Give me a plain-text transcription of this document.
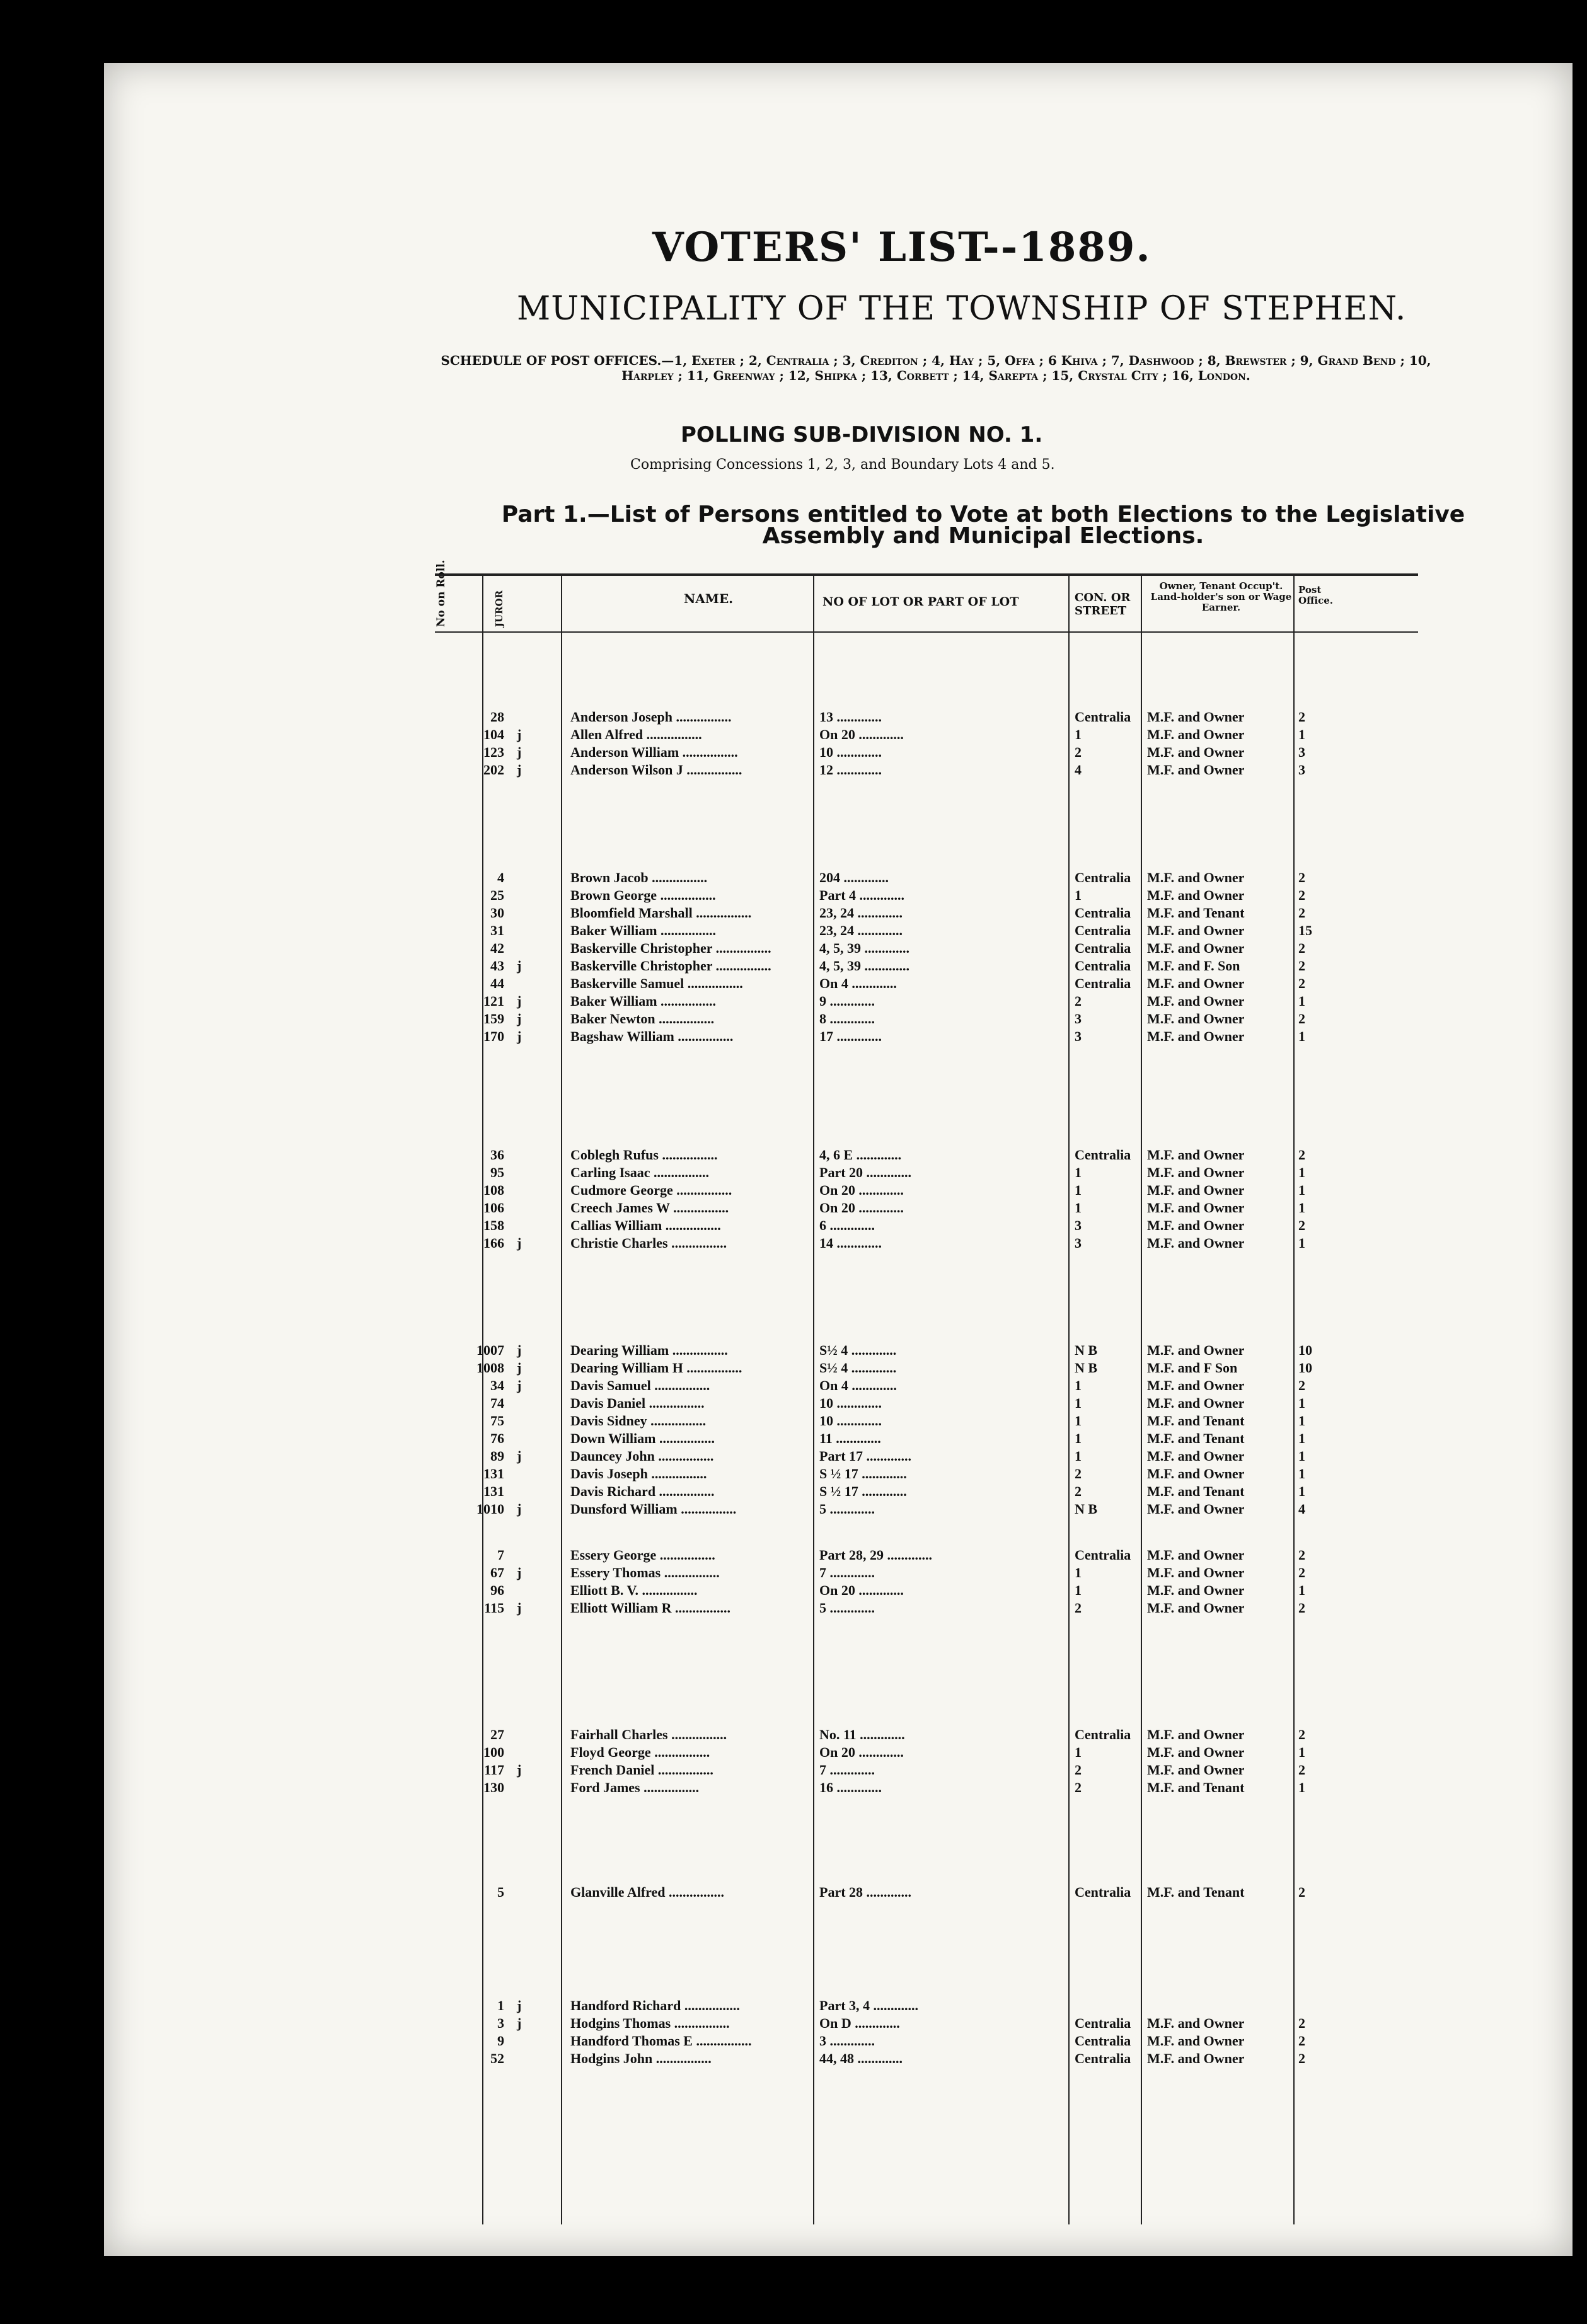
VOTERS' LIST--1889.
MUNICIPALITY OF THE TOWNSHIP OF STEPHEN.
SCHEDULE OF POST OFFICES.—1, Exeter ; 2, Centralia ; 3, Crediton ; 4, Hay ; 5, Offa ; 6 Khiva ; 7, Dashwood ; 8, Brewster ; 9, Grand Bend ; 10, Harpley ; 11, Greenway ; 12, Shipka ; 13, Corbett ; 14, Sarepta ; 15, Crystal City ; 16, London.
POLLING SUB-DIVISION NO. 1.
Comprising Concessions 1, 2, 3, and Boundary Lots 4 and 5.
Part 1.—List of Persons entitled to Vote at both Elections to the Legislative Assembly and Municipal Elections.
No on Roll.	JUROR	NAME.	NO OF LOT OR PART OF LOT	CON. OR STREET
Owner, Tenant Occup't. Land-holder's son or Wage Earner.
Post Office.
28	Anderson Joseph ................	13 .............	Centralia M.F. and Owner	2
104 j	Allen Alfred ................	On 20 .............	1	M.F. and Owner	1
123 j	Anderson William ................	10 .............	2	M.F. and Owner	3
202 j	Anderson Wilson J ................	12 .............	4	M.F. and Owner	3
4	Brown Jacob ................	204 .............	Centralia M.F. and Owner	2
25	Brown George ................	Part 4 .............	1	M.F. and Owner	2
30	Bloomfield Marshall ................	23, 24 .............	Centralia M.F. and Tenant	2
31	Baker William ................	23, 24 .............	Centralia M.F. and Owner	15
42	Baskerville Christopher ................	4, 5, 39 .............	Centralia M.F. and Owner	2
43 j	Baskerville Christopher ................	4, 5, 39 .............	Centralia M.F. and F. Son	2
44	Baskerville Samuel ................	On 4 .............	Centralia M.F. and Owner	2
121 j	Baker William ................	9 .............	2	M.F. and Owner	1
159 j	Baker Newton ................	8 .............	3	M.F. and Owner	2
170 j	Bagshaw William ................	17 .............	3	M.F. and Owner	1
36	Coblegh Rufus ................	4, 6 E .............	Centralia M.F. and Owner	2
95	Carling Isaac ................	Part 20 .............	1	M.F. and Owner	1
108	Cudmore George ................	On 20 .............	1	M.F. and Owner	1
106	Creech James W ................	On 20 .............	1	M.F. and Owner	1
158	Callias William ................	6 .............	3	M.F. and Owner	2
166 j	Christie Charles ................	14 .............	3	M.F. and Owner	1
1007 j	Dearing William ................	S½ 4 .............	N B	M.F. and Owner	10
1008 j	Dearing William H ................	S½ 4 .............	N B	M.F. and F Son	10
34 j	Davis Samuel ................	On 4 .............	1	M.F. and Owner	2
74	Davis Daniel ................	10 .............	1	M.F. and Owner	1
75	Davis Sidney ................	10 .............	1	M.F. and Tenant	1
76	Down William ................	11 .............	1	M.F. and Tenant	1
89 j	Dauncey John ................	Part 17 .............	1	M.F. and Owner	1
131	Davis Joseph ................	S ½ 17 .............	2	M.F. and Owner	1
131	Davis Richard ................	S ½ 17 .............	2	M.F. and Tenant	1
1010 j	Dunsford William ................	5 .............	N B	M.F. and Owner	4
7	Essery George ................	Part 28, 29 .............	Centralia M.F. and Owner	2
67 j	Essery Thomas ................	7 .............	1	M.F. and Owner	2
96	Elliott B. V. ................	On 20 .............	1	M.F. and Owner	1
115 j	Elliott William R ................	5 .............	2	M.F. and Owner	2
27	Fairhall Charles ................	No. 11 .............	Centralia M.F. and Owner	2
100	Floyd George ................	On 20 .............	1	M.F. and Owner	1
117 j	French Daniel ................	7 .............	2	M.F. and Owner	2
130	Ford James ................	16 .............	2	M.F. and Tenant	1
5	Glanville Alfred ................	Part 28 .............	Centralia M.F. and Tenant	2
1 j	Handford Richard ................	Part 3, 4 .............
3 j	Hodgins Thomas ................	On D .............	Centralia M.F. and Owner	2
9	Handford Thomas E ................	3 .............	Centralia M.F. and Owner	2
52	Hodgins John ................	44, 48 .............	Centralia M.F. and Owner	2
